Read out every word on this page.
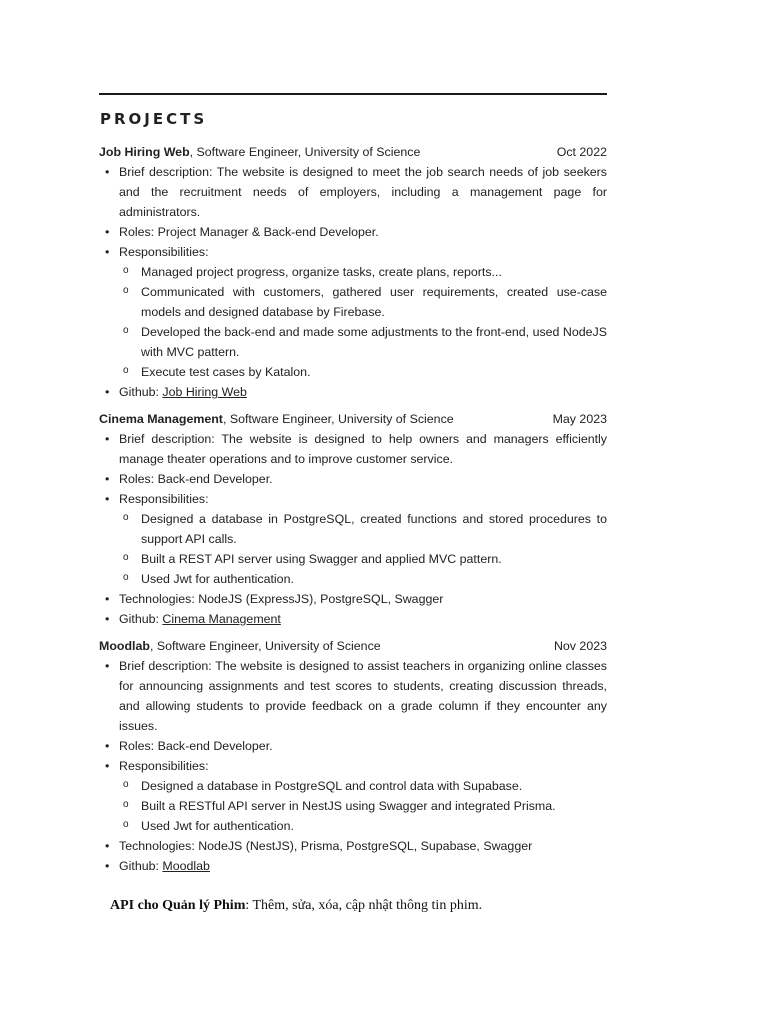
PROJECTS
Job Hiring Web, Software Engineer, University of Science	Oct 2022
• Brief description: The website is designed to meet the job search needs of job seekers and the recruitment needs of employers, including a management page for administrators.
• Roles: Project Manager & Back-end Developer.
• Responsibilities:
o Managed project progress, organize tasks, create plans, reports...
o Communicated with customers, gathered user requirements, created use-case models and designed database by Firebase.
o Developed the back-end and made some adjustments to the front-end, used NodeJS with MVC pattern.
o Execute test cases by Katalon.
• Github: Job Hiring Web
Cinema Management, Software Engineer, University of Science	May 2023
• Brief description: The website is designed to help owners and managers efficiently manage theater operations and to improve customer service.
• Roles: Back-end Developer.
• Responsibilities:
o Designed a database in PostgreSQL, created functions and stored procedures to support API calls.
o Built a REST API server using Swagger and applied MVC pattern.
o Used Jwt for authentication.
• Technologies: NodeJS (ExpressJS), PostgreSQL, Swagger
• Github: Cinema Management
Moodlab, Software Engineer, University of Science	Nov 2023
• Brief description: The website is designed to assist teachers in organizing online classes for announcing assignments and test scores to students, creating discussion threads, and allowing students to provide feedback on a grade column if they encounter any issues.
• Roles: Back-end Developer.
• Responsibilities:
o Designed a database in PostgreSQL and control data with Supabase.
o Built a RESTful API server in NestJS using Swagger and integrated Prisma.
o Used Jwt for authentication.
• Technologies: NodeJS (NestJS), Prisma, PostgreSQL, Supabase, Swagger
• Github: Moodlab
API cho Quản lý Phim: Thêm, sửa, xóa, cập nhật thông tin phim.
